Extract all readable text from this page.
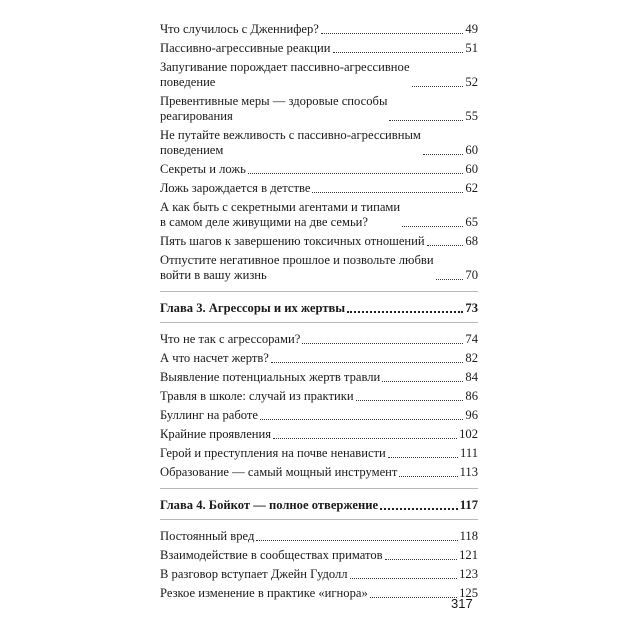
Что случилось с Дженнифер?	49
Пассивно-агрессивные реакции	51
Запугивание порождает пассивно-агрессивное
поведение	52
Превентивные меры — здоровые способы
реагирования	55
Не путайте вежливость с пассивно-агрессивным
поведением	60
Секреты и ложь	60
Ложь зарождается в детстве	62
А как быть с секретными агентами и типами
в самом деле живущими на две семьи?	65
Пять шагов к завершению токсичных отношений	68
Отпустите негативное прошлое и позвольте любви
войти в вашу жизнь	70
Глава 3. Агрессоры и их жертвы	73
Что не так с агрессорами?	74
А что насчет жертв?	82
Выявление потенциальных жертв травли	84
Травля в школе: случай из практики	86
Буллинг на работе	96
Крайние проявления	102
Герой и преступления на почве ненависти	111
Образование — самый мощный инструмент	113
Глава 4. Бойкот — полное отвержение	117
Постоянный вред	118
Взаимодействие в сообществах приматов	121
В разговор вступает Джейн Гудолл	123
Резкое изменение в практике «игнора»	125
317
